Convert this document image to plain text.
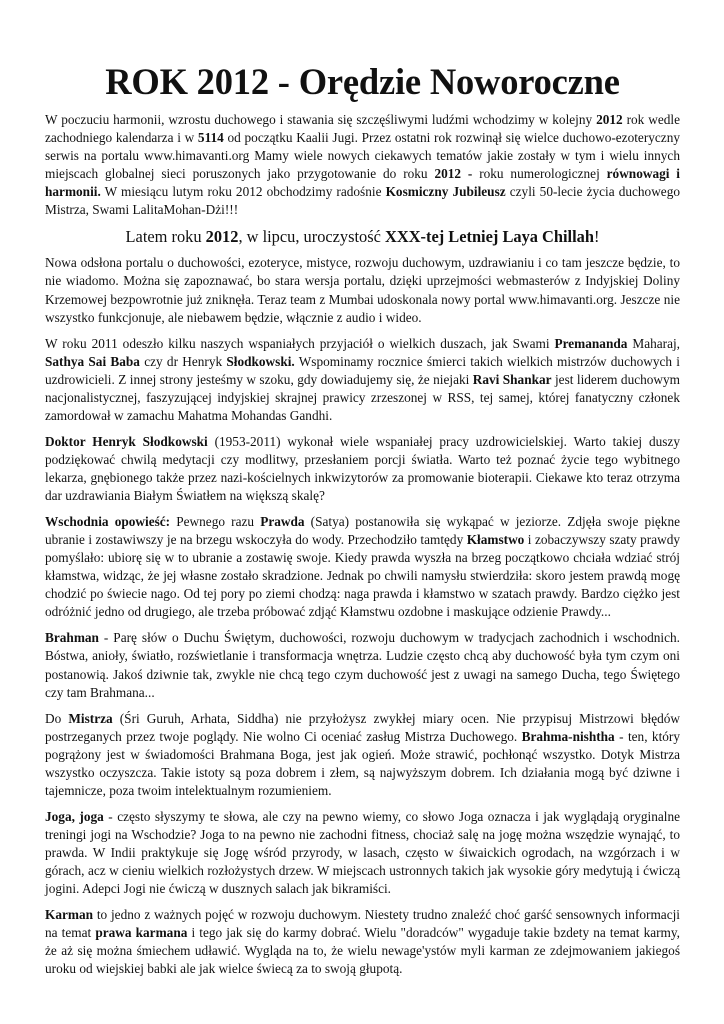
ROK 2012 - Orędzie Noworoczne

W poczuciu harmonii, wzrostu duchowego i stawania się szczęśliwymi ludźmi wchodzimy w kolejny 2012 rok wedle zachodniego kalendarza i w 5114 od początku Kaalii Jugi. Przez ostatni rok rozwinął się wielce duchowo-ezoteryczny serwis na portalu www.himavanti.org Mamy wiele nowych ciekawych tematów jakie zostały w tym i wielu innych miejscach globalnej sieci poruszonych jako przygotowanie do roku 2012 - roku numerologicznej równowagi i harmonii. W miesiącu lutym roku 2012 obchodzimy radośnie Kosmiczny Jubileusz czyli 50-lecie życia duchowego Mistrza, Swami LalitaMohan-Dżi!!!

Latem roku 2012, w lipcu, uroczystość XXX-tej Letniej Laya Chillah!

Nowa odsłona portalu o duchowości, ezoteryce, mistyce, rozwoju duchowym, uzdrawianiu i co tam jeszcze będzie, to nie wiadomo. Można się zapoznawać, bo stara wersja portalu, dzięki uprzejmości webmasterów z Indyjskiej Doliny Krzemowej bezpowrotnie już zniknęła. Teraz team z Mumbai udoskonala nowy portal www.himavanti.org. Jeszcze nie wszystko funkcjonuje, ale niebawem będzie, włącznie z audio i wideo.

W roku 2011 odeszło kilku naszych wspaniałych przyjaciół o wielkich duszach, jak Swami Premananda Maharaj, Sathya Sai Baba czy dr Henryk Słodkowski. Wspominamy rocznice śmierci takich wielkich mistrzów duchowych i uzdrowicieli. Z innej strony jesteśmy w szoku, gdy dowiadujemy się, że niejaki Ravi Shankar jest liderem duchowym nacjonalistycznej, faszyzującej indyjskiej skrajnej prawicy zrzeszonej w RSS, tej samej, której fanatyczny członek zamordował w zamachu Mahatma Mohandas Gandhi.

Doktor Henryk Słodkowski (1953-2011) wykonał wiele wspaniałej pracy uzdrowicielskiej. Warto takiej duszy podziękować chwilą medytacji czy modlitwy, przesłaniem porcji światła. Warto też poznać życie tego wybitnego lekarza, gnębionego także przez nazi-kościelnych inkwizytorów za promowanie bioterapii. Ciekawe kto teraz otrzyma dar uzdrawiania Białym Światłem na większą skalę?

Wschodnia opowieść: Pewnego razu Prawda (Satya) postanowiła się wykąpać w jeziorze. Zdjęła swoje piękne ubranie i zostawiwszy je na brzegu wskoczyła do wody. Przechodziło tamtędy Kłamstwo i zobaczywszy szaty prawdy pomyślało: ubiorę się w to ubranie a zostawię swoje. Kiedy prawda wyszła na brzeg początkowo chciała wdziać strój kłamstwa, widząc, że jej własne zostało skradzione. Jednak po chwili namysłu stwierdziła: skoro jestem prawdą mogę chodzić po świecie nago. Od tej pory po ziemi chodzą: naga prawda i kłamstwo w szatach prawdy. Bardzo ciężko jest odróżnić jedno od drugiego, ale trzeba próbować zdjąć Kłamstwu ozdobne i maskujące odzienie Prawdy...

Brahman - Parę słów o Duchu Świętym, duchowości, rozwoju duchowym w tradycjach zachodnich i wschodnich. Bóstwa, anioły, światło, rozświetlanie i transformacja wnętrza. Ludzie często chcą aby duchowość była tym czym oni postanowią. Jakoś dziwnie tak, zwykle nie chcą tego czym duchowość jest z uwagi na samego Ducha, tego Świętego czy tam Brahmana...

Do Mistrza (Śri Guruh, Arhata, Siddha) nie przyłożysz zwykłej miary ocen. Nie przypisuj Mistrzowi błędów postrzeganych przez twoje poglądy. Nie wolno Ci oceniać zasług Mistrza Duchowego. Brahma-nishtha - ten, który pogrążony jest w świadomości Brahmana Boga, jest jak ogień. Może strawić, pochłonąć wszystko. Dotyk Mistrza wszystko oczyszcza. Takie istoty są poza dobrem i złem, są najwyższym dobrem. Ich działania mogą być dziwne i tajemnicze, poza twoim intelektualnym rozumieniem.

Joga, joga - często słyszymy te słowa, ale czy na pewno wiemy, co słowo Joga oznacza i jak wyglądają oryginalne treningi jogi na Wschodzie? Joga to na pewno nie zachodni fitness, chociaż salę na jogę można wszędzie wynająć, to prawda. W Indii praktykuje się Jogę wśród przyrody, w lasach, często w śiwaickich ogrodach, na wzgórzach i w górach, acz w cieniu wielkich rozłożystych drzew. W miejscach ustronnych takich jak wysokie góry medytują i ćwiczą jogini. Adepci Jogi nie ćwiczą w dusznych salach jak bikramiści.

Karman to jedno z ważnych pojęć w rozwoju duchowym. Niestety trudno znaleźć choć garść sensownych informacji na temat prawa karmana i tego jak się do karmy dobrać. Wielu "doradców" wygaduje takie bzdety na temat karmy, że aż się można śmiechem udławić. Wygląda na to, że wielu newage'ystów myli karman ze zdejmowaniem jakiegoś uroku od wiejskiej babki ale jak wielce świecą za to swoją głupotą.
